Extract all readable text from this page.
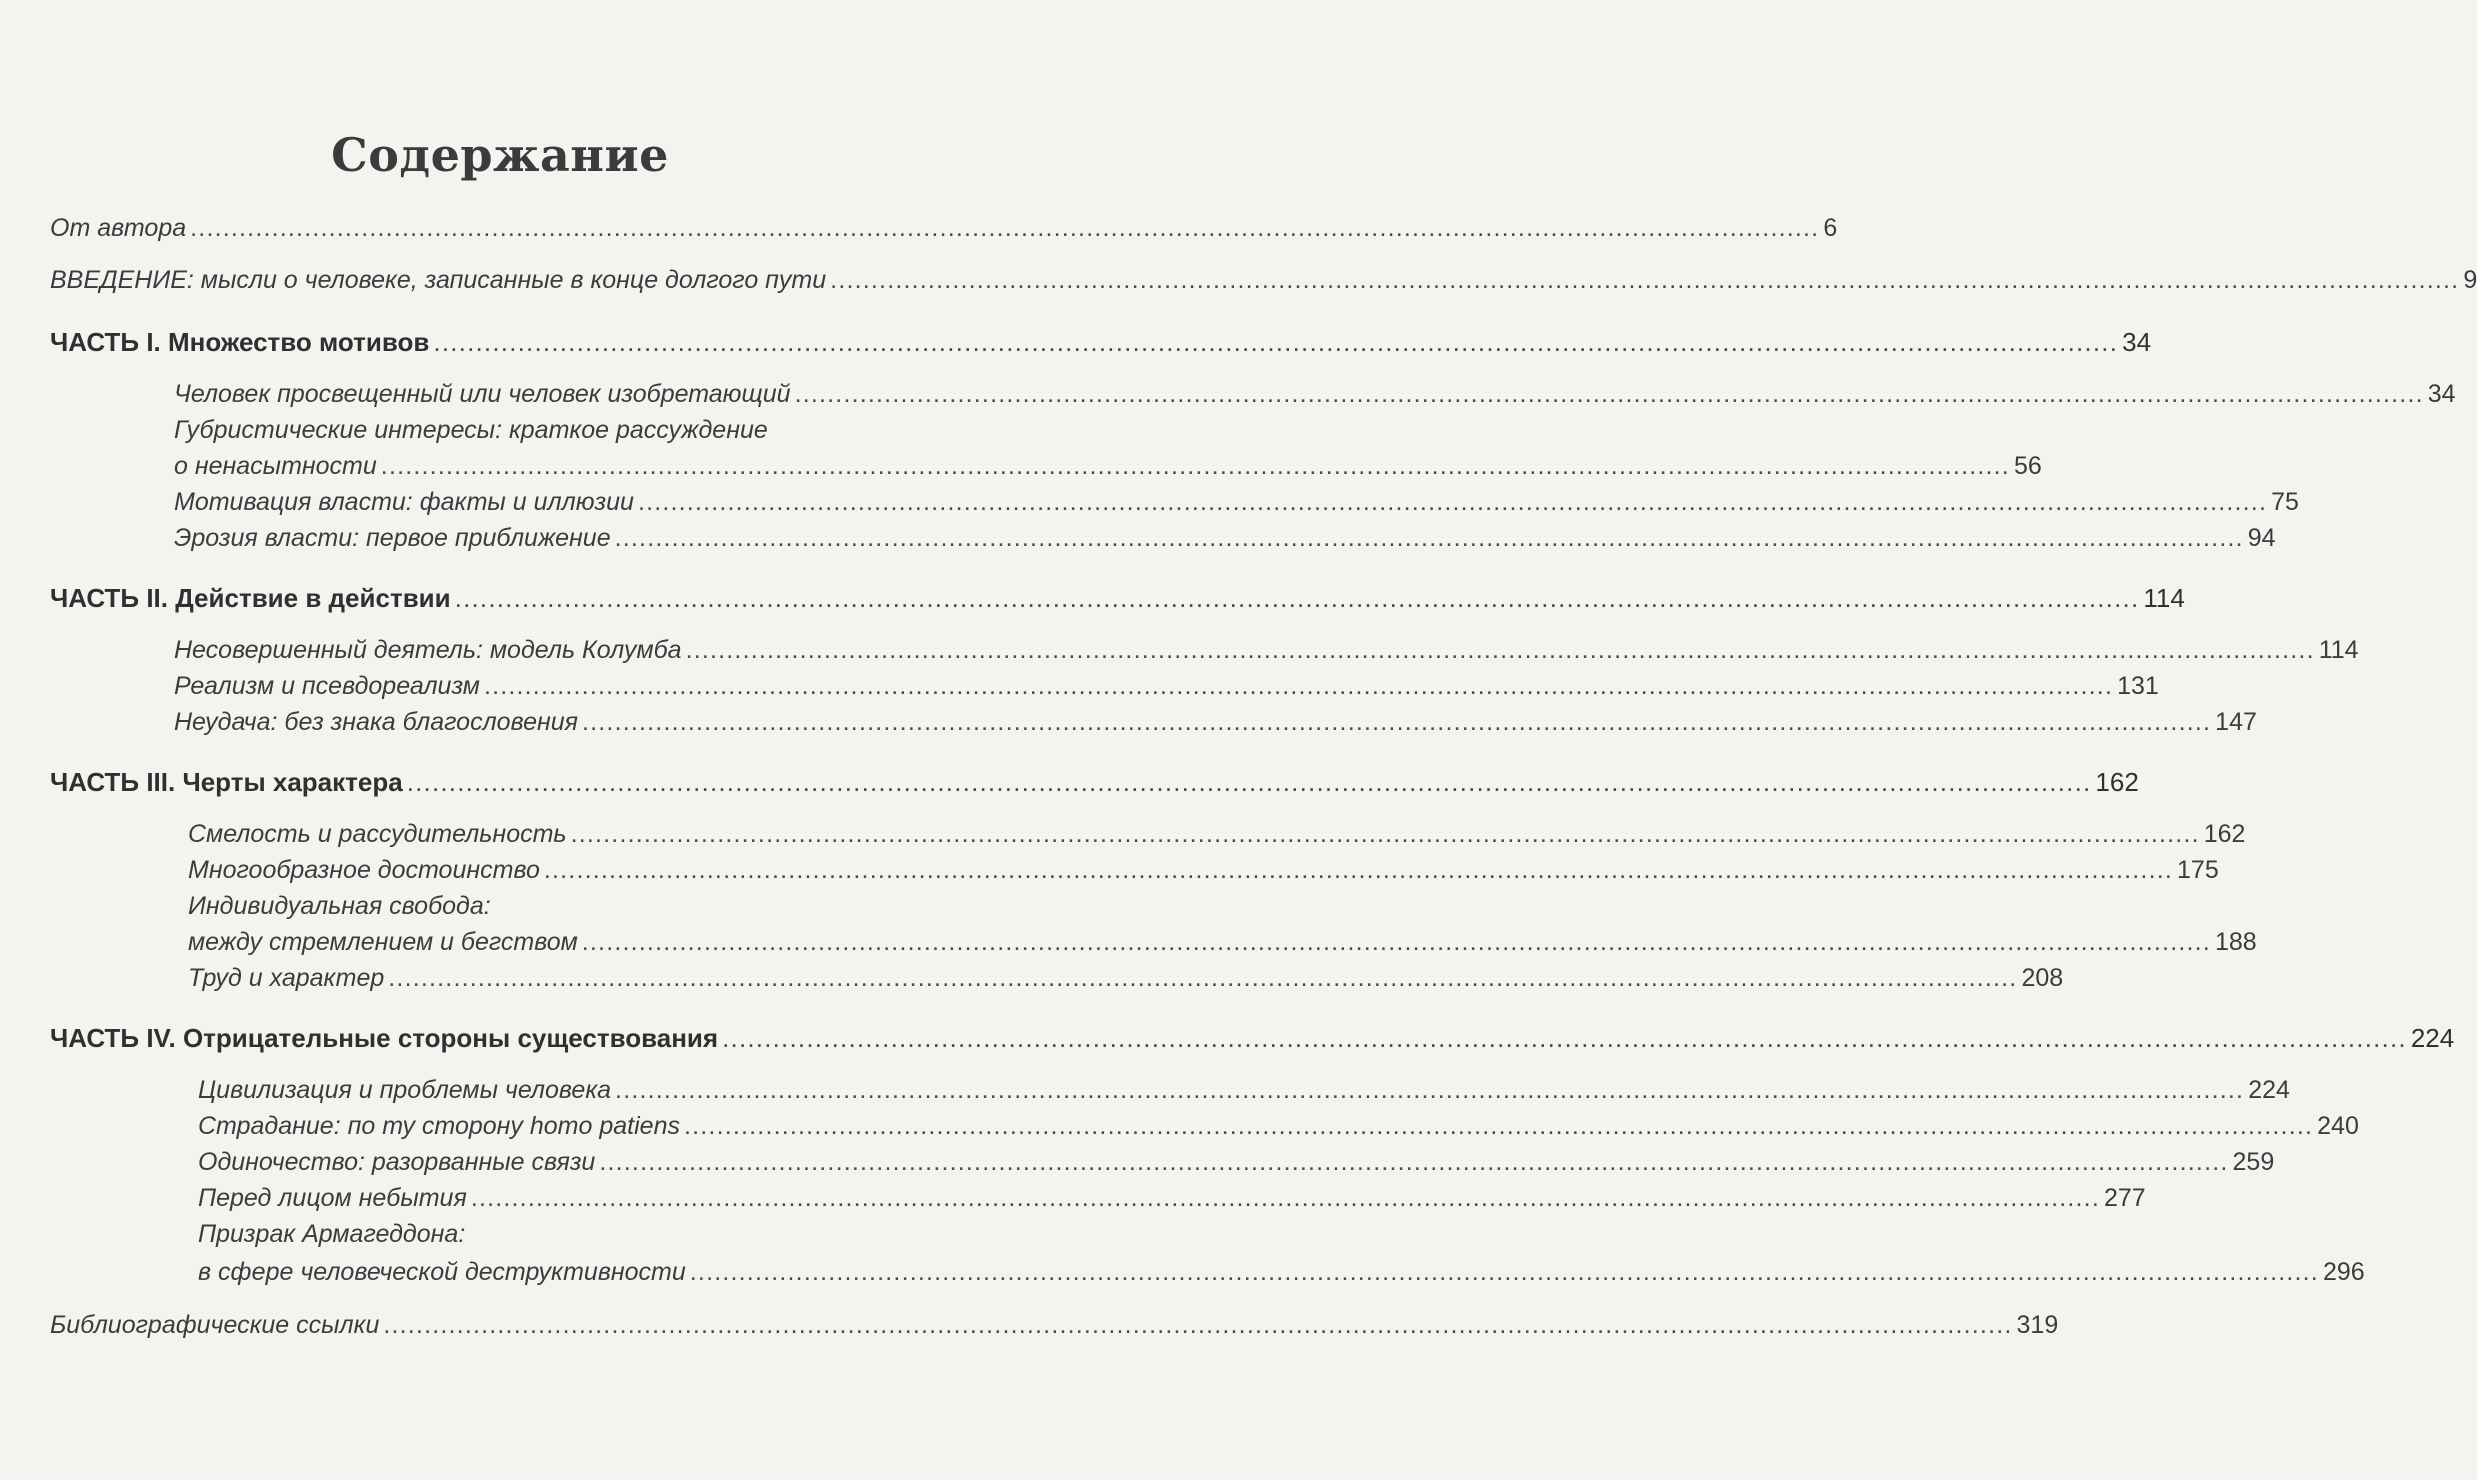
Содержание
От автора ........................................................................................................................................................................................................ 6
ВВЕДЕНИЕ: мысли о человеке, записанные в конце долгого пути ........................................................................................................................................................................................................ 9
ЧАСТЬ I. Множество мотивов ........................................................................................................................................................................................................ 34
Человек просвещенный или человек изобретающий ........................................................................................................................................................................................................ 34
Губристические интересы: краткое рассуждение
о ненасытности ........................................................................................................................................................................................................ 56
Мотивация власти: факты и иллюзии ........................................................................................................................................................................................................ 75
Эрозия власти: первое приближение ........................................................................................................................................................................................................ 94
ЧАСТЬ II. Действие в действии ........................................................................................................................................................................................................ 114
Несовершенный деятель: модель Колумба ........................................................................................................................................................................................................ 114
Реализм и псевдореализм ........................................................................................................................................................................................................ 131
Неудача: без знака благословения ........................................................................................................................................................................................................ 147
ЧАСТЬ III. Черты характера ........................................................................................................................................................................................................ 162
Смелость и рассудительность ........................................................................................................................................................................................................ 162
Многообразное достоинство ........................................................................................................................................................................................................ 175
Индивидуальная свобода:
между стремлением и бегством ........................................................................................................................................................................................................ 188
Труд и характер ........................................................................................................................................................................................................ 208
ЧАСТЬ IV. Отрицательные стороны существования ........................................................................................................................................................................................................ 224
Цивилизация и проблемы человека ........................................................................................................................................................................................................ 224
Страдание: по ту сторону homo patiens ........................................................................................................................................................................................................ 240
Одиночество: разорванные связи ........................................................................................................................................................................................................ 259
Перед лицом небытия ........................................................................................................................................................................................................ 277
Призрак Армагеддона:
в сфере человеческой деструктивности ........................................................................................................................................................................................................ 296
Библиографические ссылки ........................................................................................................................................................................................................ 319
